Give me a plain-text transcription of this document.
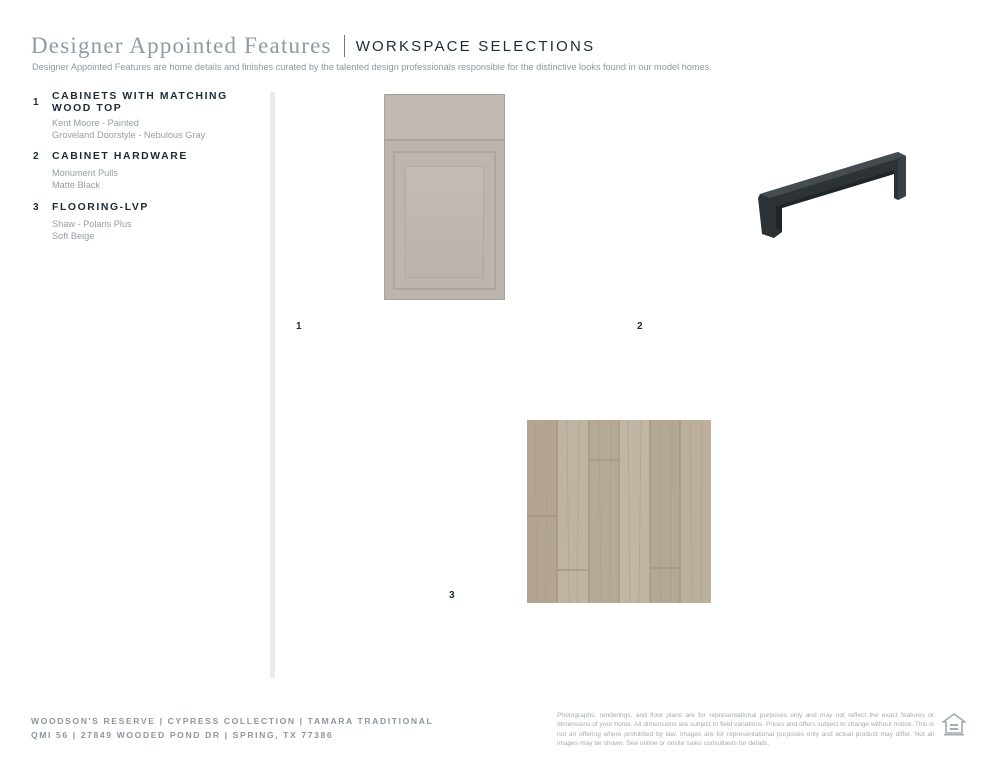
Designer Appointed Features WORKSPACE SELECTIONS
Designer Appointed Features are home details and finishes curated by the talented design professionals responsible for the distinctive looks found in our model homes.
1
CABINETS WITH MATCHING WOOD TOP
Kent Moore - Painted
Groveland Doorstyle - Nebulous Gray
2	CABINET HARDWARE
Monument Pulls
Matte Black
3	FLOORING-LVP
Shaw - Polaris Plus
Soft Beige
1	2
3
WOODSON'S RESERVE | CYPRESS COLLECTION | TAMARA TRADITIONAL
QMI 56 | 27849 WOODED POND DR | SPRING, TX 77386
Photographs, renderings, and floor plans are for representational purposes only and may not reflect the exact features or dimensions of your home. All dimensions are subject to field variations. Prices and offers subject to change without notice. This is not an offering where prohibited by law. Images are for representational purposes only and actual product may differ. Not all images may be shown. See online or onsite sales consultants for details.
